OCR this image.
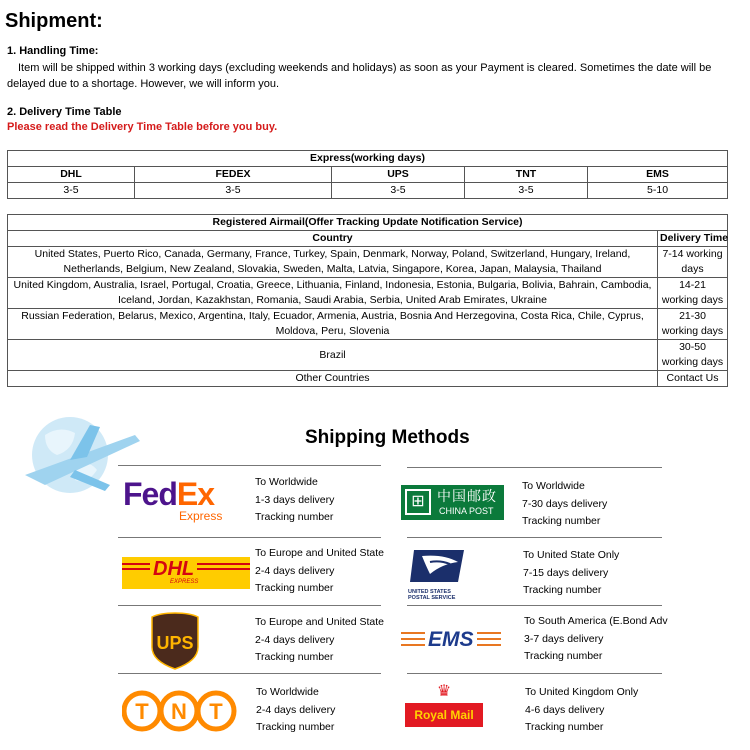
Shipment:
1. Handling Time:
Item will be shipped within 3 working days (excluding weekends and holidays) as soon as your Payment is cleared. Sometimes the date will be delayed due to a shortage. However, we will inform you.
2. Delivery Time Table
Please read the Delivery Time Table before you buy.
Express(working days)				
DHL	FEDEX	UPS	TNT	EMS
3-5	3-5	3-5	3-5	5-10
Registered Airmail(Offer Tracking Update Notification Service)	
Country	Delivery Time
United States, Puerto Rico, Canada, Germany, France, Turkey, Spain, Denmark, Norway, Poland, Switzerland, Hungary, Ireland, Netherlands, Belgium, New Zealand, Slovakia, Sweden, Malta, Latvia, Singapore, Korea, Japan, Malaysia, Thailand	7-14 working days
United Kingdom, Australia, Israel, Portugal, Croatia, Greece, Lithuania, Finland, Indonesia, Estonia, Bulgaria, Bolivia, Bahrain, Cambodia, Iceland, Jordan, Kazakhstan, Romania, Saudi Arabia, Serbia, United Arab Emirates, Ukraine	14-21 working days
Russian Federation, Belarus, Mexico, Argentina, Italy, Ecuador, Armenia, Austria, Bosnia And Herzegovina, Costa Rica, Chile, Cyprus, Moldova, Peru, Slovenia	21-30 working days
Brazil	30-50 working days
Other Countries	Contact Us
Shipping Methods
FedEx
Express
To Worldwide
1-3 days delivery
Tracking number
DHL
EXPRESS
To Europe and United State
2-4 days delivery
Tracking number
UPS
To Europe and United State
2-4 days delivery
Tracking number
T N T
To Worldwide
2-4 days delivery
Tracking number
⊞ 中国邮政
CHINA POST
To Worldwide
7-30 days delivery
Tracking number
UNITED STATES
POSTAL SERVICE
To United State Only
7-15 days delivery
Tracking number
EMS
To South America (E.Bond Adv
3-7 days delivery
Tracking number
♛
Royal Mail
To United Kingdom Only
4-6 days delivery
Tracking number
